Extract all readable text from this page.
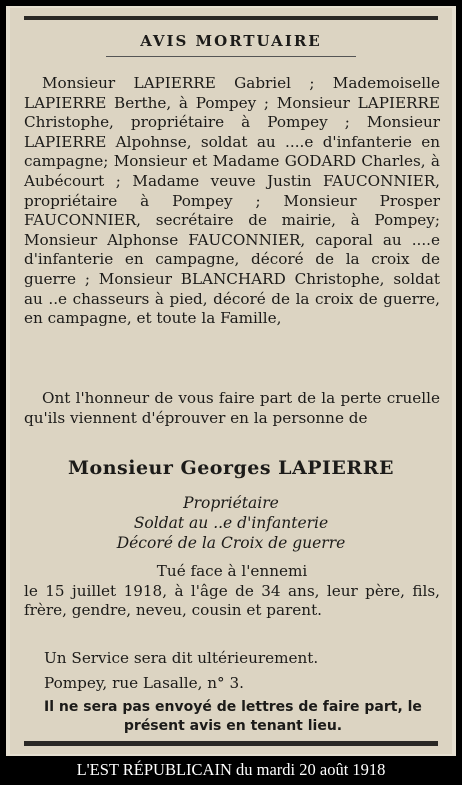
AVIS MORTUAIRE
Monsieur LAPIERRE Gabriel ; Mademoiselle LAPIERRE Berthe, à Pompey ; Monsieur LAPIERRE Christophe, propriétaire à Pompey ; Monsieur LAPIERRE Alpohnse, soldat au ....e d'infanterie en campagne; Monsieur et Madame GODARD Charles, à Aubécourt ; Madame veuve Justin FAUCONNIER, propriétaire à Pompey ; Monsieur Prosper FAUCONNIER, secrétaire de mairie, à Pompey; Monsieur Alphonse FAUCONNIER, caporal au ....e d'infanterie en campagne, décoré de la croix de guerre ; Monsieur BLANCHARD Christophe, soldat au ..e chasseurs à pied, décoré de la croix de guerre, en campagne, et toute la Famille,
Ont l'honneur de vous faire part de la perte cruelle qu'ils viennent d'éprouver en la personne de
Monsieur Georges LAPIERRE
Propriétaire
Soldat au ..e d'infanterie
Décoré de la Croix de guerre
Tué face à l'ennemi
le 15 juillet 1918, à l'âge de 34 ans, leur père, fils, frère, gendre, neveu, cousin et parent.
Un Service sera dit ultérieurement.
Pompey, rue Lasalle, n° 3.
Il ne sera pas envoyé de lettres de faire part, le présent avis en tenant lieu.
L'EST RÉPUBLICAIN du mardi 20 août 1918
